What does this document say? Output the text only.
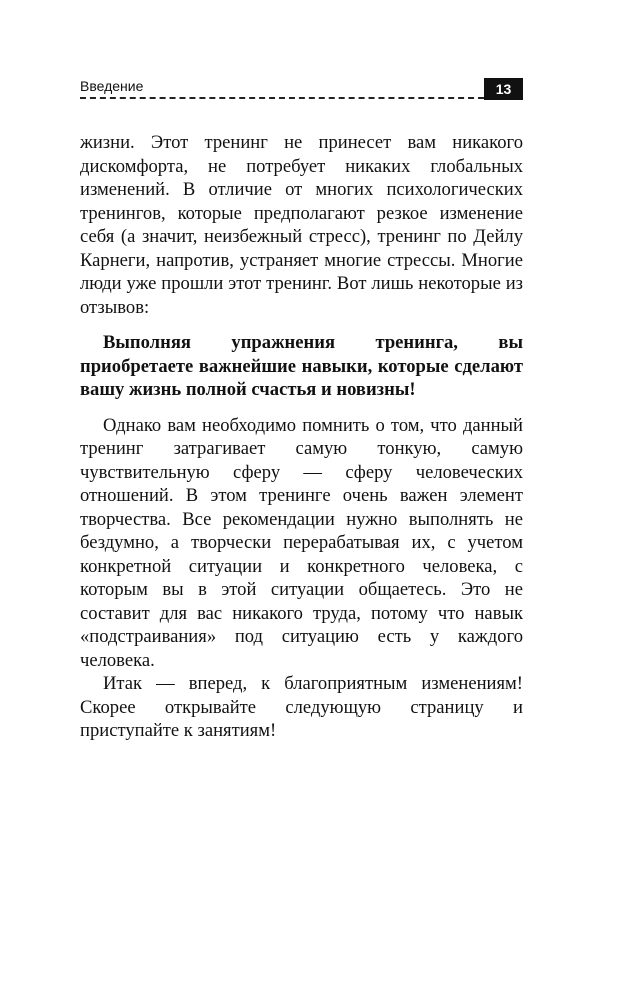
Введение	13

жизни. Этот тренинг не принесет вам никакого дискомфорта, не потребует никаких глобальных изменений. В отличие от многих психологических тренингов, которые предполагают резкое изменение себя (а значит, неизбежный стресс), тренинг по Дейлу Карнеги, напротив, устраняет многие стрессы. Многие люди уже прошли этот тренинг. Вот лишь некоторые из отзывов:

Выполняя упражнения тренинга, вы приобретаете важнейшие навыки, которые сделают вашу жизнь полной счастья и новизны!

Однако вам необходимо помнить о том, что данный тренинг затрагивает самую тонкую, самую чувствительную сферу — сферу человеческих отношений. В этом тренинге очень важен элемент творчества. Все рекомендации нужно выполнять не бездумно, а творчески перерабатывая их, с учетом конкретной ситуации и конкретного человека, с которым вы в этой ситуации общаетесь. Это не составит для вас никакого труда, потому что навык «подстраивания» под ситуацию есть у каждого человека.

Итак — вперед, к благоприятным изменениям! Скорее открывайте следующую страницу и приступайте к занятиям!
